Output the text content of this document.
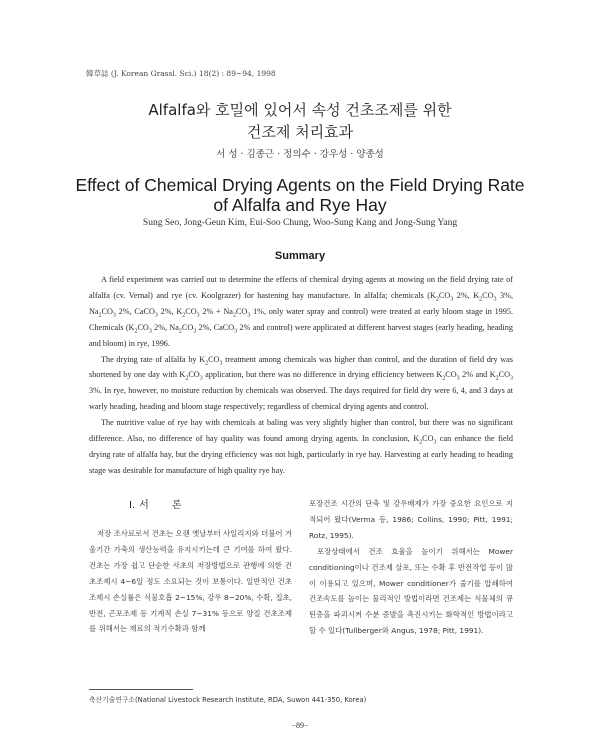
韓草誌 (J. Korean Grassl. Sci.) 18(2) : 89~94, 1998
Alfalfa와 호밀에 있어서 속성 건초조제를 위한
건조제 처리효과
서 성 · 김종근 · 정의수 · 강우성 · 양종성
Effect of Chemical Drying Agents on the Field Drying Rate
of Alfalfa and Rye Hay
Sung Seo, Jong-Geun Kim, Eui-Soo Chung, Woo-Sung Kang and Jong-Sung Yang
Summary

A field experiment was carried out to determine the effects of chemical drying agents at mowing on the field drying rate of alfalfa (cv. Vernal) and rye (cv. Koolgrazer) for hastening hay manufacture. In alfalfa; chemicals ($K_2CO_3$ 2%, $K_2CO_3$ 3%, $Na_2CO_3$ 2%, CaCO$_3$ 2%, $K_2CO_3$ $2\% + Na_2CO_3$ 1%, only water spray and control) were treated at early bloom stage in 1995. Chemicals ($K_2CO_3$ 2%, $Na_2CO_3$ 2%, CaCO$_3$ 2% and control) were applicated at different harvest stages (early heading, heading and bloom) in rye, 1996.

The drying rate of alfalfa by $K_2CO_3$ treatment among chemicals was higher than control, and the duration of field dry was shortened by one day with $K_2CO_3$ application, but there was no difference in drying efficiency between $K_2CO_3$ 2% and $K_2CO_3$ 3%. In rye, however, no moisture reduction by chemicals was observed. The days required for field dry were 6, 4, and 3 days at warly heading, heading and bloom stage respectively; regardless of chemical drying agents and control.

The nutritive value of rye hay with chemicals at baling was very slightly higher than control, but there was no significant difference. Also, no difference of hay quality was found among drying agents. In conclusion, $K_2CO_3$ can enhance the field drying rate of alfalfa hay, but the drying efficiency was not high, particularly in rye hay. Harvesting at early heading to heading stage was desirable for manufacture of high quality rye hay.

Ⅰ. 서 론

저장 조사료로서 건초는 오랜 옛날부터 사일리지와 더불어 겨울기간 가축의 생산능력을 유지시키는데 큰 기여를 하여 왔다. 건초는 가장 쉽고 단순한 사초의 저장방법으로 관행에 의한 건초조제시 4~6일 정도 소요되는 것이 보통이다. 일반적인 건초조제시 손실률은 식물호흡 2~15%, 강우 8~20%, 수확, 집초, 반전, 곤포조제 등 기계적 손실 7~31% 등으로 양질 건초조제를 위해서는 재료의 적기수확과 함께

포장건조 시간의 단축 및 강우배제가 가장 중요한 요인으로 지적되어 왔다(Verma 등, 1986; Collins, 1990; Pitt, 1991; Rotz, 1995).

포장상태에서 건조 효율을 높이기 위해서는 Mower conditioning이나 건조제 살포, 또는 수확 후 반전작업 등이 많이 이용되고 있으며, Mower conditioner가 줄기를 압쇄하여 건조속도를 높이는 물리적인 방법이라면 건조제는 식물체의 큐틴층을 파괴시켜 수분 증발을 촉진시키는 화학적인 방법이라고 할 수 있다(Tullberger와 Angus, 1978; Pitt, 1991).

축산기술연구소(National Livestock Research Institute, RDA, Suwon 441-350, Korea)
−89−
